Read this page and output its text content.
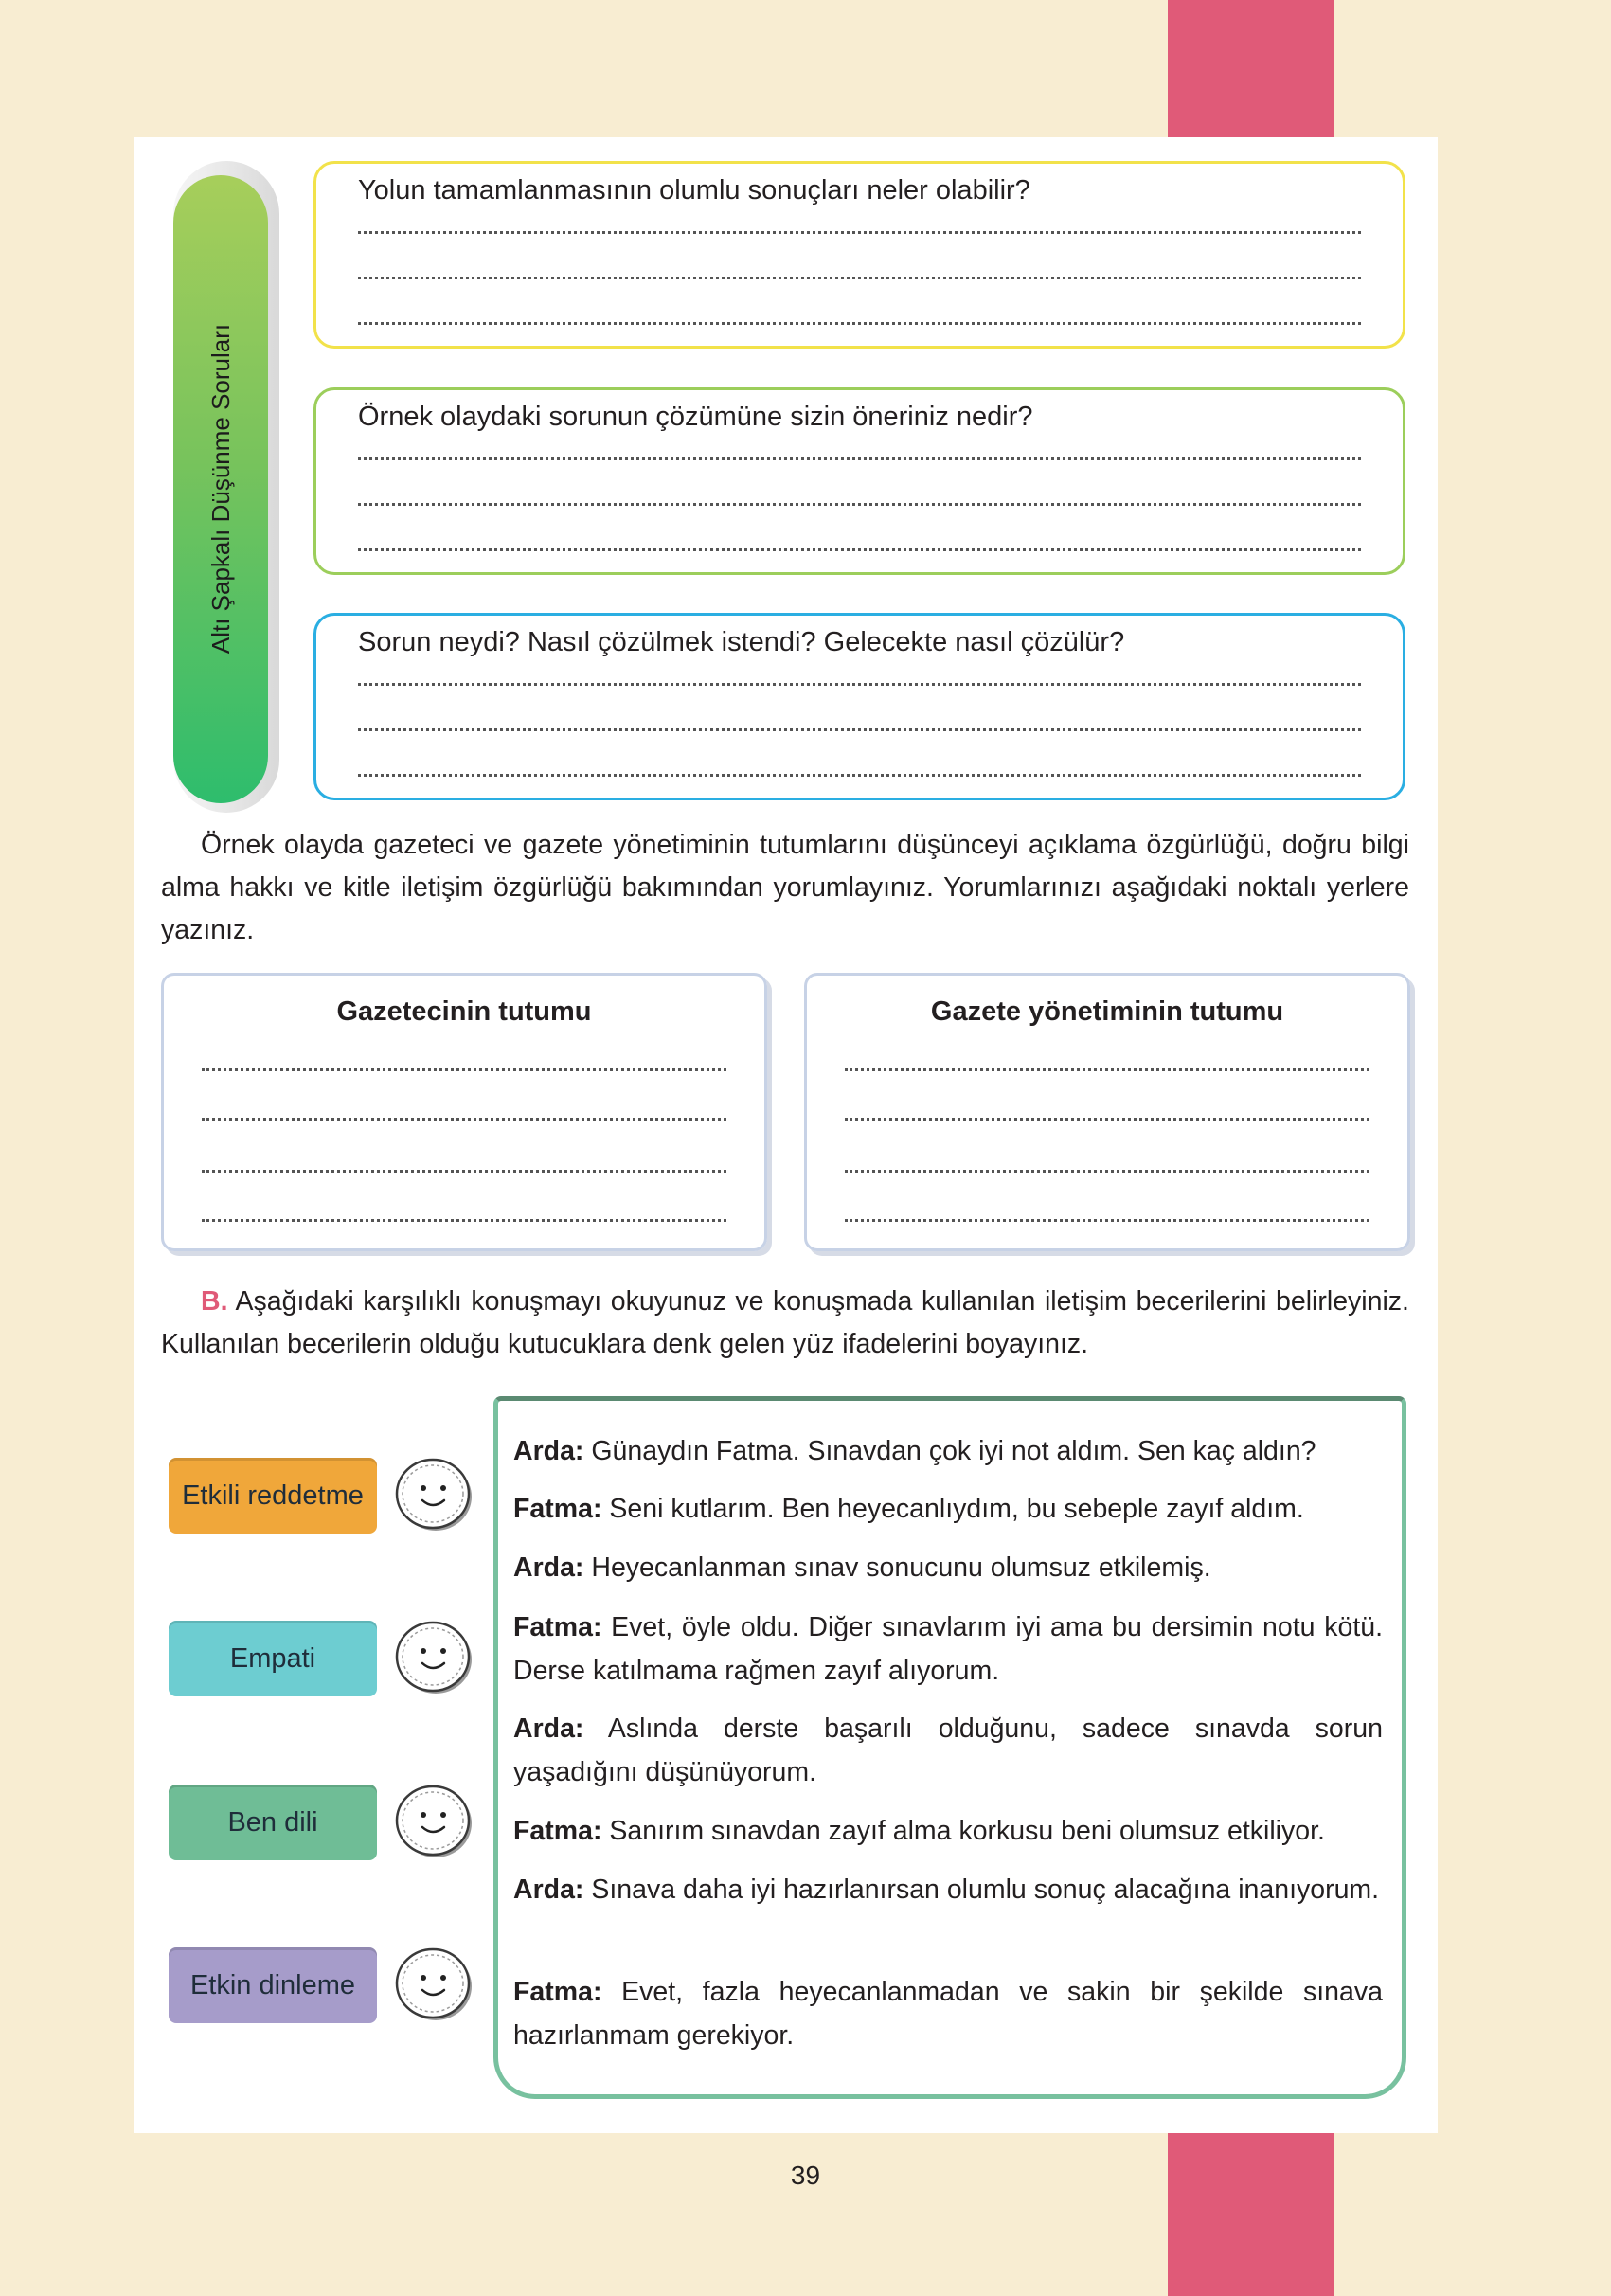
Altı Şapkalı Düşünme Soruları
Yolun tamamlanmasının olumlu sonuçları neler olabilir?
Örnek olaydaki sorunun çözümüne sizin öneriniz nedir?
Sorun neydi? Nasıl çözülmek istendi? Gelecekte nasıl çözülür?
Örnek olayda gazeteci ve gazete yönetiminin tutumlarını düşünceyi açıklama özgürlüğü, doğru bilgi alma hakkı ve kitle iletişim özgürlüğü bakımından yorumlayınız. Yorumlarınızı aşağıdaki noktalı yerlere yazınız.
Gazetecinin tutumu	Gazete yönetiminin tutumu
B. Aşağıdaki karşılıklı konuşmayı okuyunuz ve konuşmada kullanılan iletişim becerilerini belirleyiniz. Kullanılan becerilerin olduğu kutucuklara denk gelen yüz ifadelerini boyayınız.
Etkili reddetme
Empati
Ben dili
Etkin dinleme
Arda: Günaydın Fatma. Sınavdan çok iyi not aldım. Sen kaç aldın?
Fatma: Seni kutlarım. Ben heyecanlıydım, bu sebeple zayıf aldım.
Arda: Heyecanlanman sınav sonucunu olumsuz etkilemiş.
Fatma: Evet, öyle oldu. Diğer sınavlarım iyi ama bu dersimin notu kötü. Derse katılmama rağmen zayıf alıyorum.
Arda: Aslında derste başarılı olduğunu, sadece sınavda sorun yaşadığını düşünüyorum.
Fatma: Sanırım sınavdan zayıf alma korkusu beni olumsuz etkiliyor.
Arda: Sınava daha iyi hazırlanırsan olumlu sonuç alacağına inanıyorum.
Fatma: Evet, fazla heyecanlanmadan ve sakin bir şekilde sınava hazırlanmam gerekiyor.
39
